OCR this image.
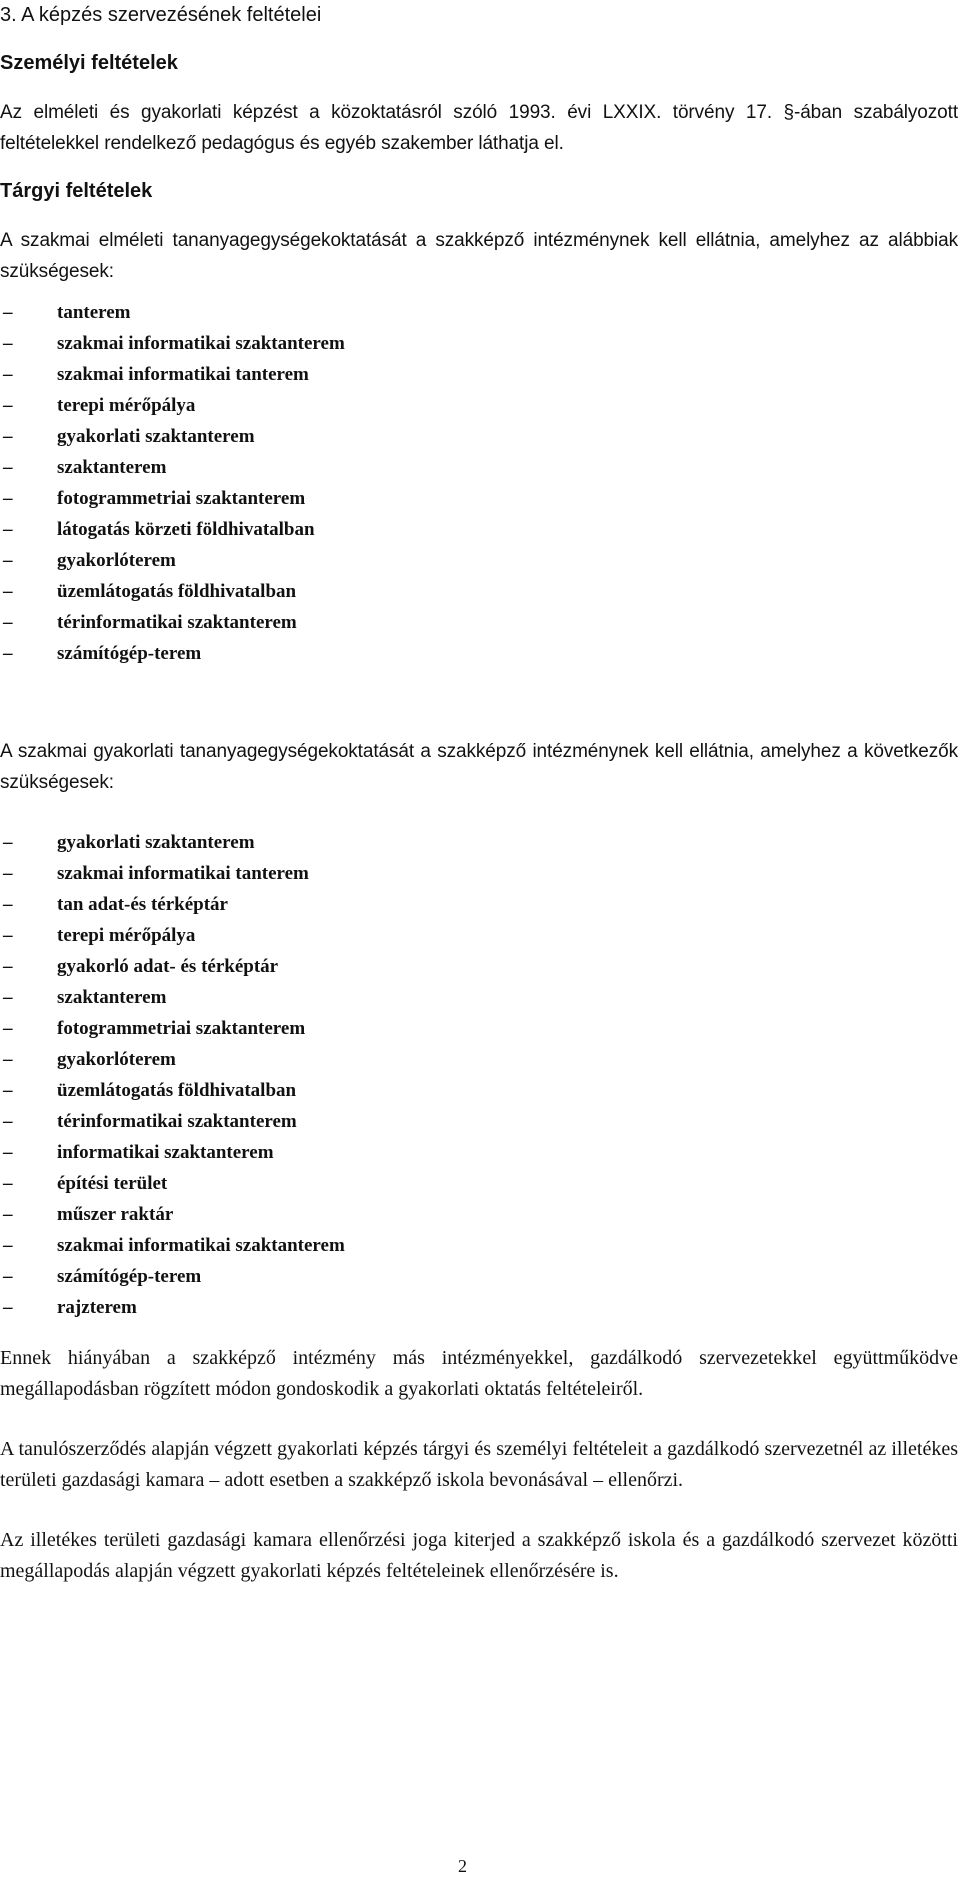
3. A képzés szervezésének feltételei
Személyi feltételek
Az elméleti és gyakorlati képzést a közoktatásról szóló 1993. évi LXXIX. törvény 17. §-ában szabályozott feltételekkel rendelkező pedagógus és egyéb szakember láthatja el.
Tárgyi feltételek
A szakmai elméleti tananyagegységekoktatását a szakképző intézménynek kell ellátnia, amelyhez az alábbiak szükségesek:
– tanterem
– szakmai informatikai szaktanterem
– szakmai informatikai tanterem
– terepi mérőpálya
– gyakorlati szaktanterem
– szaktanterem
– fotogrammetriai szaktanterem
– látogatás körzeti földhivatalban
– gyakorlóterem
– üzemlátogatás földhivatalban
– térinformatikai szaktanterem
– számítógép-terem
A szakmai gyakorlati tananyagegységekoktatását a szakképző intézménynek kell ellátnia, amelyhez a következők szükségesek:
– gyakorlati szaktanterem
– szakmai informatikai tanterem
– tan adat-és térképtár
– terepi mérőpálya
– gyakorló adat- és térképtár
– szaktanterem
– fotogrammetriai szaktanterem
– gyakorlóterem
– üzemlátogatás földhivatalban
– térinformatikai szaktanterem
– informatikai szaktanterem
– építési terület
– műszer raktár
– szakmai informatikai szaktanterem
– számítógép-terem
– rajzterem
Ennek hiányában a szakképző intézmény más intézményekkel, gazdálkodó szervezetekkel együttműködve megállapodásban rögzített módon gondoskodik a gyakorlati oktatás feltételeiről.
A tanulószerződés alapján végzett gyakorlati képzés tárgyi és személyi feltételeit a gazdálkodó szervezetnél az illetékes területi gazdasági kamara – adott esetben a szakképző iskola bevonásával – ellenőrzi.
Az illetékes területi gazdasági kamara ellenőrzési joga kiterjed a szakképző iskola és a gazdálkodó szervezet közötti megállapodás alapján végzett gyakorlati képzés feltételeinek ellenőrzésére is.
2
